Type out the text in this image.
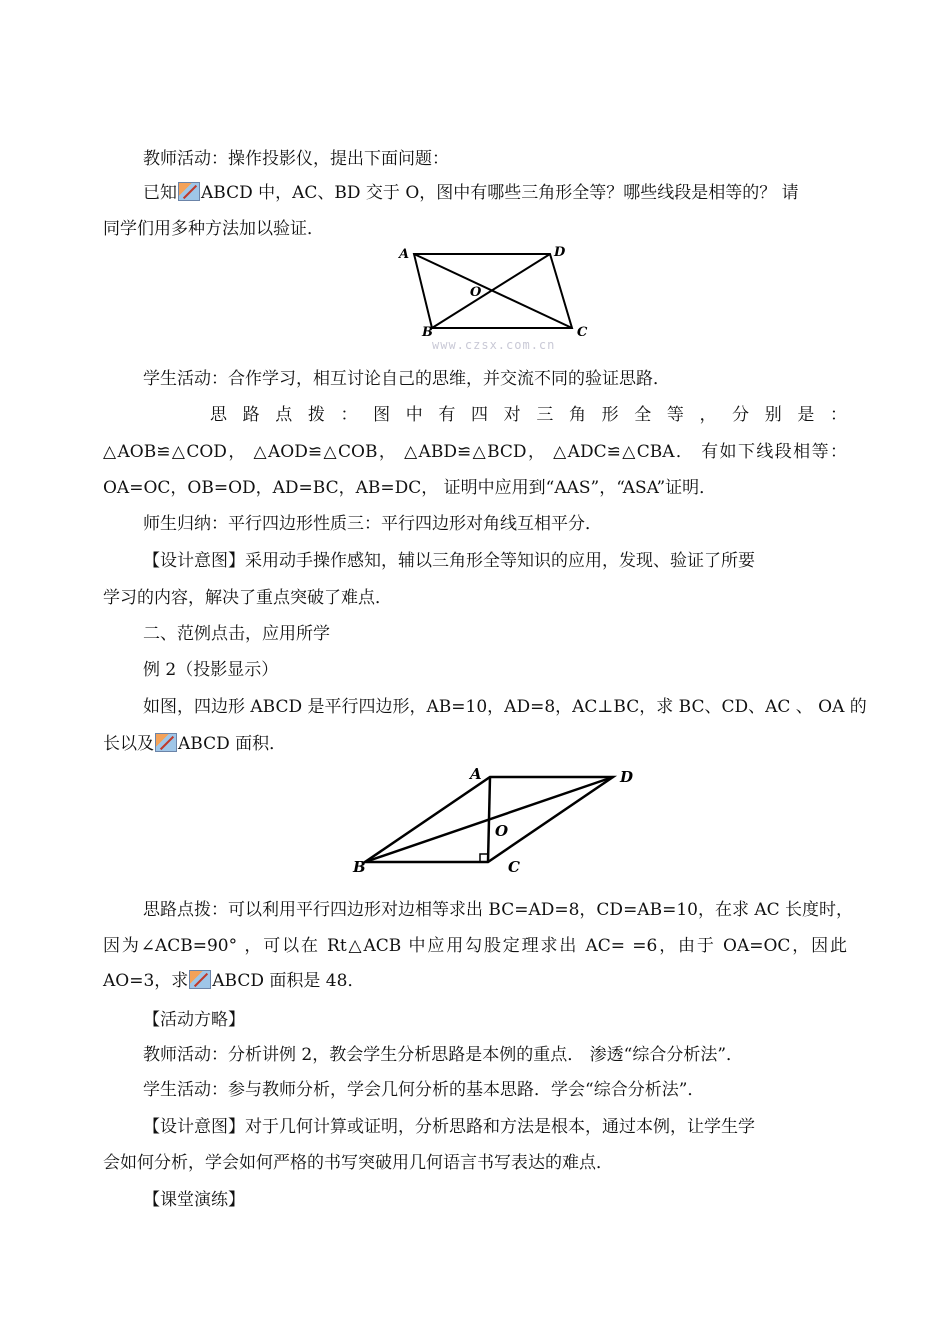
教师活动：操作投影仪，提出下面问题：
已知 ABCD 中，AC、BD 交于 O，图中有哪些三角形全等？哪些线段是相等的？ 请
同学们用多种方法加以验证．
A	D
O
B	C
www.czsx.com.cn
学生活动：合作学习，相互讨论自己的思维，并交流不同的验证思路．
思 路 点 拨 ： 图 中 有 四 对 三 角 形 全 等 ， 分 别 是 ：
△AOB≌△COD， △AOD≌△COB， △ABD≌△BCD， △ADC≌△CBA． 有如下线段相等：
OA=OC，OB=OD，AD=BC，AB=DC， 证明中应用到“AAS”，“ASA”证明．
师生归纳：平行四边形性质三：平行四边形对角线互相平分．
【设计意图】采用动手操作感知，辅以三角形全等知识的应用，发现、验证了所要
学习的内容，解决了重点突破了难点．
二、范例点击，应用所学
例 2（投影显示）
如图，四边形 ABCD 是平行四边形，AB=10，AD=8，AC⊥BC，求 BC、CD、AC 、 OA 的
长以及 ABCD 面积．
A	D
O
B	C
思路点拨：可以利用平行四边形对边相等求出 BC=AD=8，CD=AB=10，在求 AC 长度时，
因为∠ACB=90° ，可以在 Rt△ACB 中应用勾股定理求出 AC= =6，由于 OA=OC，因此
AO=3，求 ABCD 面积是 48．
【活动方略】
教师活动：分析讲例 2，教会学生分析思路是本例的重点． 渗透“综合分析法”．
学生活动：参与教师分析，学会几何分析的基本思路．学会“综合分析法”．
【设计意图】对于几何计算或证明，分析思路和方法是根本，通过本例，让学生学
会如何分析，学会如何严格的书写突破用几何语言书写表达的难点．
【课堂演练】
